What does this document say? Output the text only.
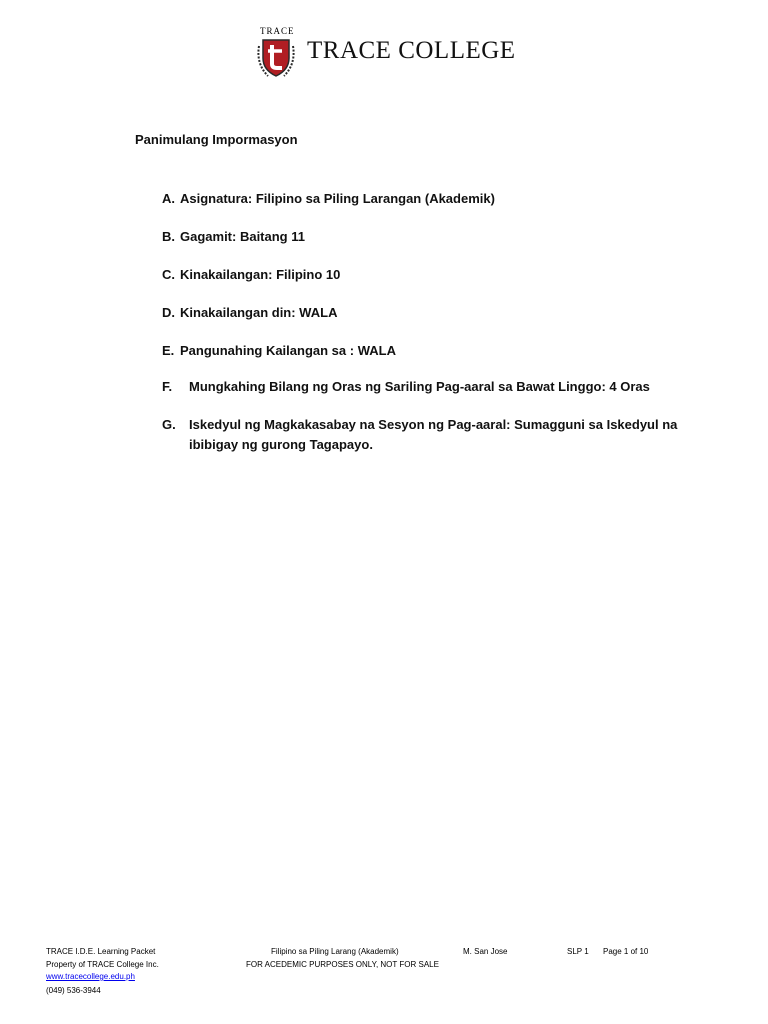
TRACE
TRACE COLLEGE
Panimulang Impormasyon
A. Asignatura: Filipino sa Piling Larangan (Akademik)
B. Gagamit: Baitang 11
C. Kinakailangan: Filipino 10
D. Kinakailangan din: WALA
E. Pangunahing Kailangan sa : WALA
F. Mungkahing Bilang ng Oras ng Sariling Pag-aaral sa Bawat Linggo: 4 Oras
G. Iskedyul ng Magkakasabay na Sesyon ng Pag-aaral: Sumagguni sa Iskedyul na ibibigay ng gurong Tagapayo.
TRACE I.D.E. Learning Packet
Property of TRACE College Inc.
www.tracecollege.edu.ph
(049) 536-3944
Filipino sa Piling Larang (Akademik)
FOR ACEDEMIC PURPOSES ONLY, NOT FOR SALE
M. San Jose	SLP 1 Page 1 of 10
